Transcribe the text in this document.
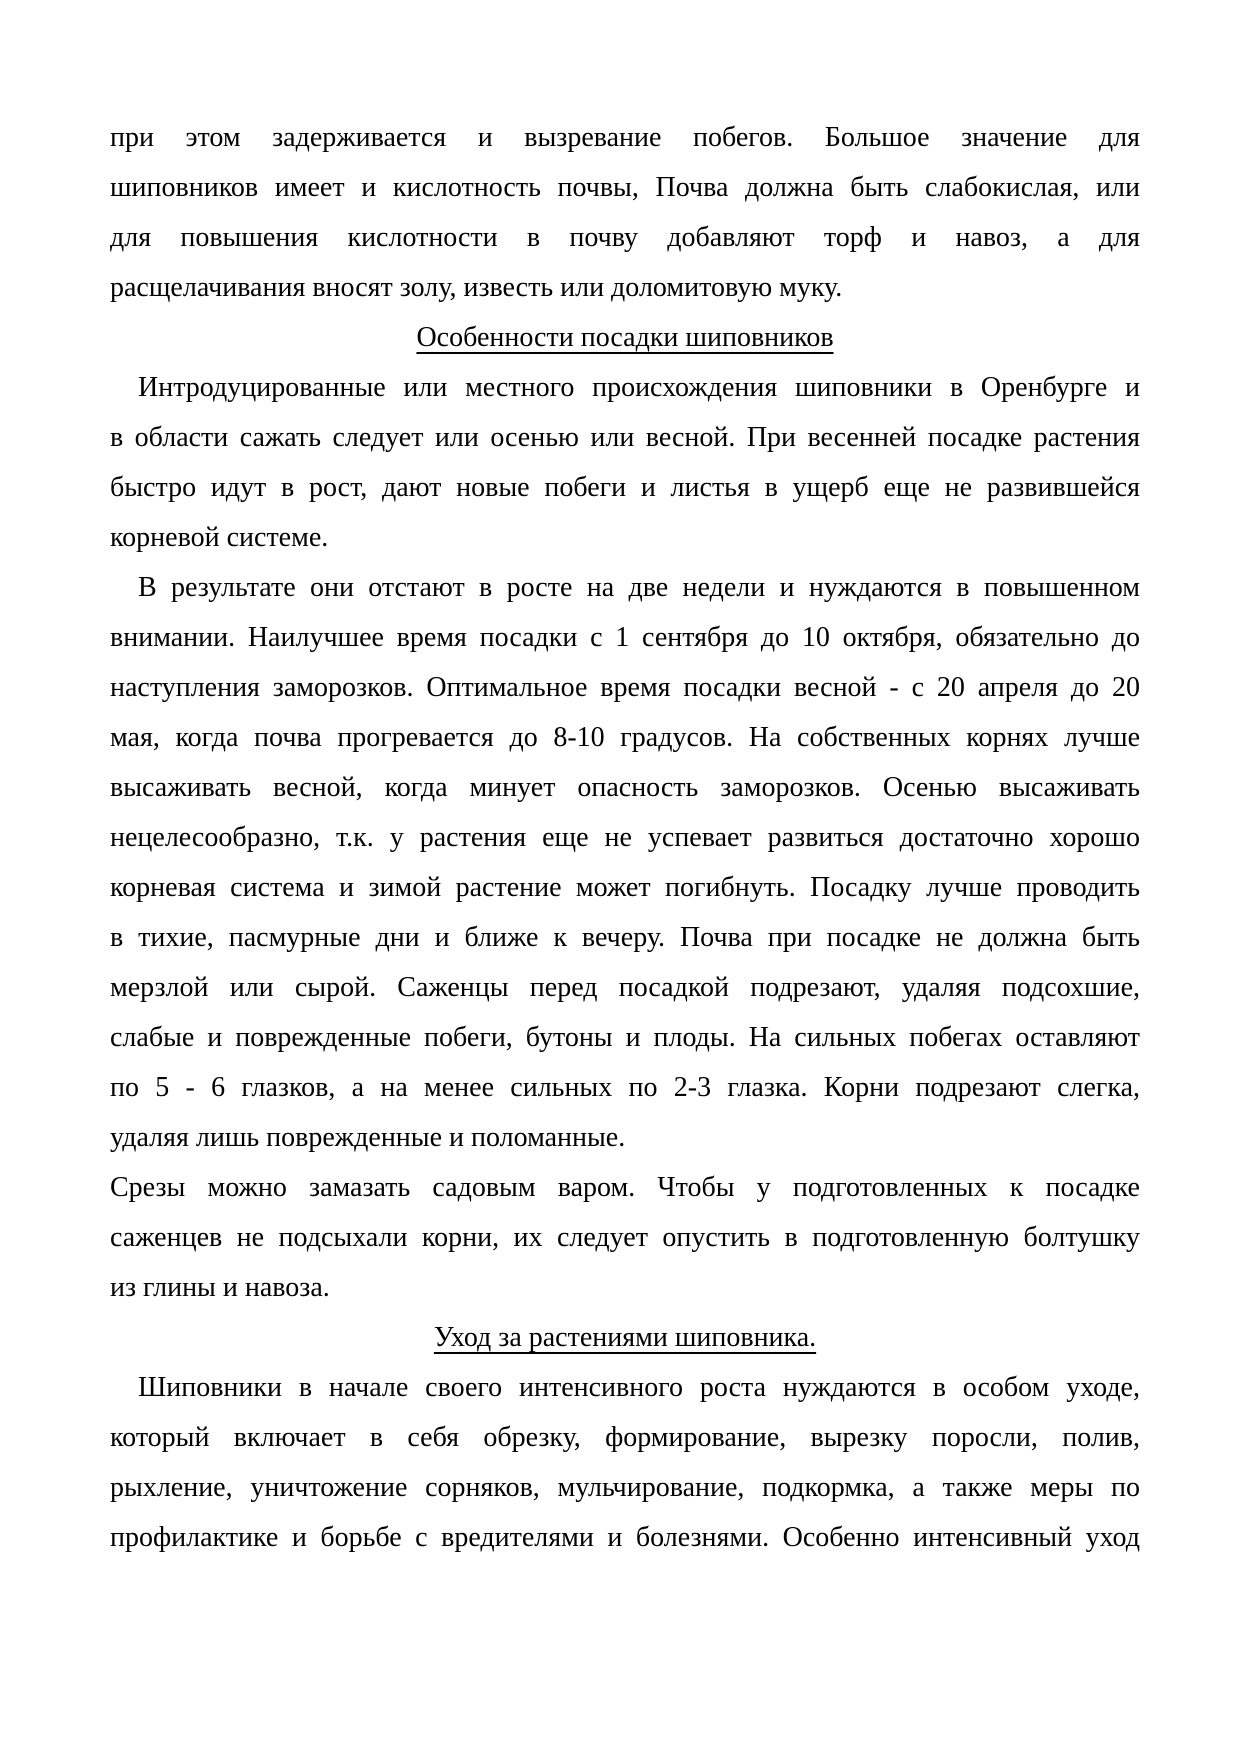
при этом задерживается и вызревание побегов. Большое значение для
шиповников имеет и кислотность почвы, Почва должна быть слабокислая, или
для повышения кислотности в почву добавляют торф и навоз, а для
расщелачивания вносят золу, известь или доломитовую муку.
Особенности посадки шиповников
Интродуцированные или местного происхождения шиповники в Оренбурге и
в области сажать следует или осенью или весной. При весенней посадке растения
быстро идут в рост, дают новые побеги и листья в ущерб еще не развившейся
корневой системе.
В результате они отстают в росте на две недели и нуждаются в повышенном
внимании. Наилучшее время посадки с 1 сентября до 10 октября, обязательно до
наступления заморозков. Оптимальное время посадки весной - с 20 апреля до 20
мая, когда почва прогревается до 8-10 градусов. На собственных корнях лучше
высаживать весной, когда минует опасность заморозков. Осенью высаживать
нецелесообразно, т.к. у растения еще не успевает развиться достаточно хорошо
корневая система и зимой растение может погибнуть. Посадку лучше проводить
в тихие, пасмурные дни и ближе к вечеру. Почва при посадке не должна быть
мерзлой или сырой. Саженцы перед посадкой подрезают, удаляя подсохшие,
слабые и поврежденные побеги, бутоны и плоды. На сильных побегах оставляют
по 5 - 6 глазков, а на менее сильных по 2-3 глазка. Корни подрезают слегка,
удаляя лишь поврежденные и поломанные.
Срезы можно замазать садовым варом. Чтобы у подготовленных к посадке
саженцев не подсыхали корни, их следует опустить в подготовленную болтушку
из глины и навоза.
Уход за растениями шиповника.
Шиповники в начале своего интенсивного роста нуждаются в особом уходе,
который включает в себя обрезку, формирование, вырезку поросли, полив,
рыхление, уничтожение сорняков, мульчирование, подкормка, а также меры по
профилактике и борьбе с вредителями и болезнями. Особенно интенсивный уход
